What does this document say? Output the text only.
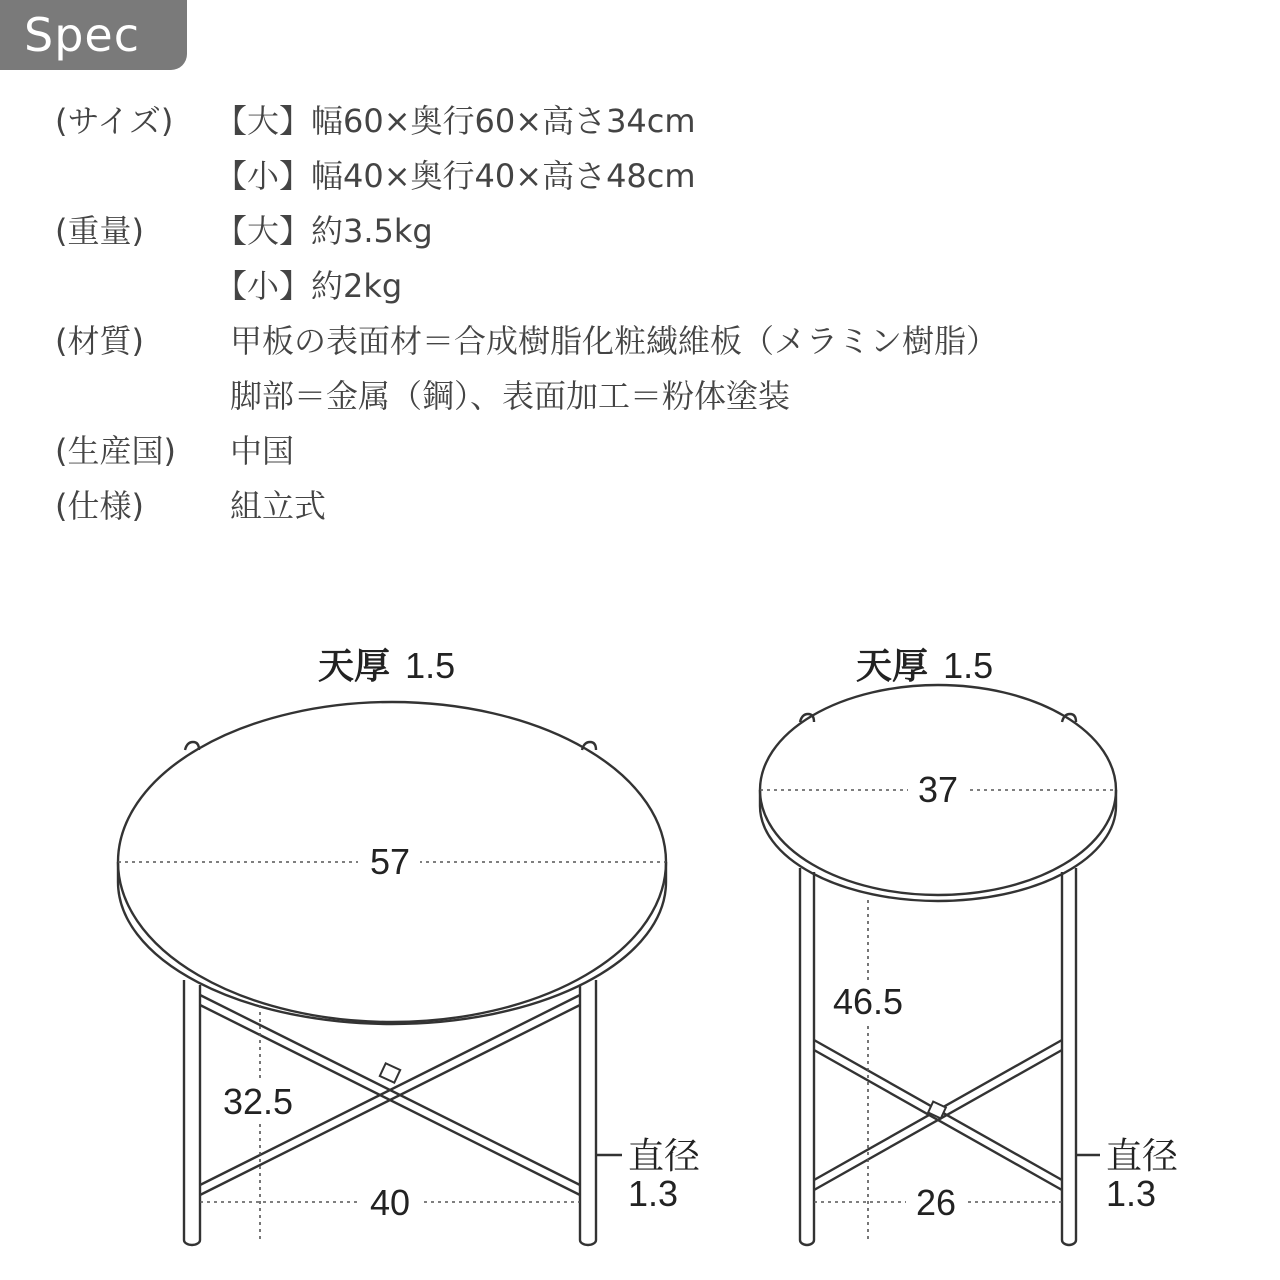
Spec
(サイズ) 【大】幅60×奥行60×高さ34cm
【小】幅40×奥行40×高さ48cm
(重量) 【大】約3.5kg
【小】約2kg
(材質)	甲板の表面材＝合成樹脂化粧繊維板（メラミン樹脂）
脚部＝金属（鋼）、表面加工＝粉体塗装
(生産国) 中国
(仕様)	組立式
57
32.5
40
天厚 1.5
直径
1.3
37
46.5
26
天厚 1.5
直径
1.3
